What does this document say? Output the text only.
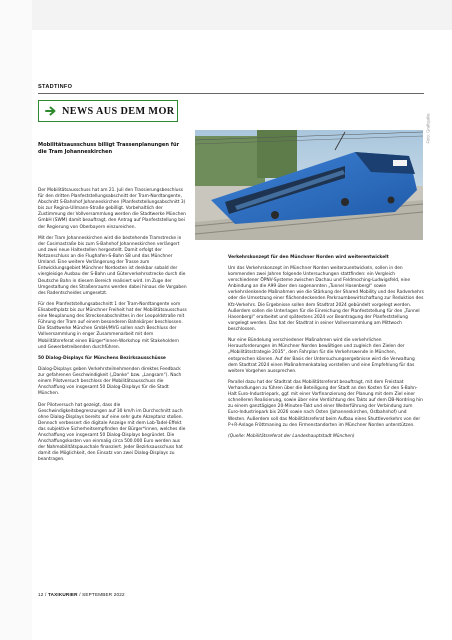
STADTINFO
Foto: Grafiquête
NEWS AUS DEM MOR
Mobilitätsausschuss billigt Trassenplanungen für die Tram Johanneskirchen

Der Mobilitätsausschuss hat am 21. Juli den Trassierungsbeschluss für den dritten Planfeststellungsabschnitt der Tram-Nordtangente, Abschnitt S-Bahnhof Johanneskirchen (Planfeststellungsabschnitt 3) bis zur Regina-Ullmann-Straße gebilligt. Vorbehaltlich der Zustimmung der Vollversammlung werden die Stadtwerke München GmbH (SWM) damit beauftragt, den Antrag auf Planfeststellung bei der Regierung von Oberbayern einzureichen.

Mit der Tram Johanneskirchen wird die bestehende Tramstrecke in der Cosimastraße bis zum S-Bahnhof Johanneskirchen verlängert und zwei neue Haltestellen hergestellt. Damit erfolgt der Netzanschluss an die Flughafen-S-Bahn S8 und das Münchner Umland. Eine weitere Verlängerung der Trasse zum Entwicklungsgebiet Münchner Nordosten ist denkbar sobald der viergleisige Ausbau der S-Bahn und Güterverkehrsstrecke durch die Deutsche Bahn in diesem Bereich realisiert wird. Im Zuge der Umgestaltung des Straßenraums werden dabei hinaus die Vorgaben des Radentscheides umgesetzt.

Für den Planfeststellungsabschnitt 1 der Tram-Nordtangente vom Elisabethplatz bis zur Münchner Freiheit hat der Mobilitätsausschuss eine Neuplanung des Streckenabschnittes in der Leopoldstraße mit Führung der Tram auf einem besonderen Bahnkörper beschlossen. Die Stadtwerke München GmbH/MVG sollen nach Beschluss der Vollversammlung in enger Zusammenarbeit mit dem Mobilitätsreferat einen Bürger*innen-Workshop mit Stakeholdern und Gewerbetreibenden durchführen.

50 Dialog-Displays für Münchens Bezirksausschüsse

Dialog-Displays geben Verkehrsteilnehmenden direktes Feedback zur gefahrenen Geschwindigkeit („Danke“ bzw. „Langsam“). Nach einem Pilotversuch beschloss der Mobilitätsausschuss die Anschaffung von insgesamt 50 Dialog-Displays für die Stadt München.

Der Pilotversuch hat gezeigt, dass die Geschwindigkeitsbegrenzungen auf 30 km/h im Durchschnitt auch ohne Dialog-Displays bereits auf eine sehr gute Akzeptanz stoßen. Dennoch verbessert die digitale Anzeige mit dem Lob-Tadel-Effekt das subjektive Sicherheitsempfinden der Bürger*innen, welches die Anschaffung von insgesamt 50 Dialog-Displays begründet. Die Anschaffungskosten von einmalig circa 500.000 Euro werden aus der Nahmobilitätspauschale finanziert. Jeder Bezirksausschuss hat damit die Möglichkeit, den Einsatz von zwei Dialog-Displays zu beantragen.

Verkehrskonzept für den Münchner Norden wird weiterentwickelt

Um das Verkehrskonzept im Münchner Norden weiterzuentwickeln, sollen in den kommenden zwei Jahren folgende Untersuchungen stattfinden: ein Vergleich verschiedener ÖPNV-Systeme zwischen Dachau und Feldmoching-Ludwigsfeld, eine Anbindung an die A99 über den sogenannten „Tunnel Hasenbergl“ sowie verkehrslenkende Maßnahmen wie die Stärkung der Shared Mobility und des Radverkehrs oder die Umsetzung einer flächendeckenden Parkraumbewirtschaftung zur Reduktion des Kfz-Verkehrs. Die Ergebnisse sollen dem Stadtrat 2024 gebündelt vorgelegt werden. Außerdem sollen die Unterlagen für die Einreichung der Planfeststellung für den „Tunnel Hasenbergl“ erarbeitet und spätestens 2024 vor Beantragung der Planfeststellung vorgelegt werden. Das hat der Stadtrat in seiner Vollversammlung am Mittwoch beschlossen.

Nur eine Bündelung verschiedener Maßnahmen wird die verkehrlichen Herausforderungen im Münchner Norden bewältigen und zugleich den Zielen der „Mobilitätsstrategie 2035“, dem Fahrplan für die Verkehrswende in München, entsprechen können. Auf der Basis der Untersuchungsergebnisse wird die Verwaltung dem Stadtrat 2024 einen Maßnahmenkatalog vorstellen und eine Empfehlung für das weitere Vorgehen aussprechen.

Parallel dazu hat der Stadtrat das Mobilitätsreferat beauftragt, mit dem Freistaat Verhandlungen zu führen über die Beteiligung der Stadt an den Kosten für den S-Bahn-Halt Euro-Industriepark, ggf. mit einer Vorfinanzierung der Planung mit dem Ziel einer schnelleren Realisierung, sowie über eine Verdichtung des Takts auf dem DB-Nordring hin zu einem ganztägigen 20-Minuten-Takt und einer Weiterführung der Verbindung zum Euro-Industriepark bis 2026 sowie nach Osten (Johanneskirchen, Ostbahnhof) und Westen. Außerdem soll das Mobilitätsreferat beim Aufbau eines Shuttleverkehrs von der P+R-Anlage Fröttmaning zu den Firmenstandorten im Münchner Norden unterstützen.

(Quelle: Mobilitätsreferat der Landeshauptstadt München)

12 / TAXIKURIER / SEPTEMBER 2022
